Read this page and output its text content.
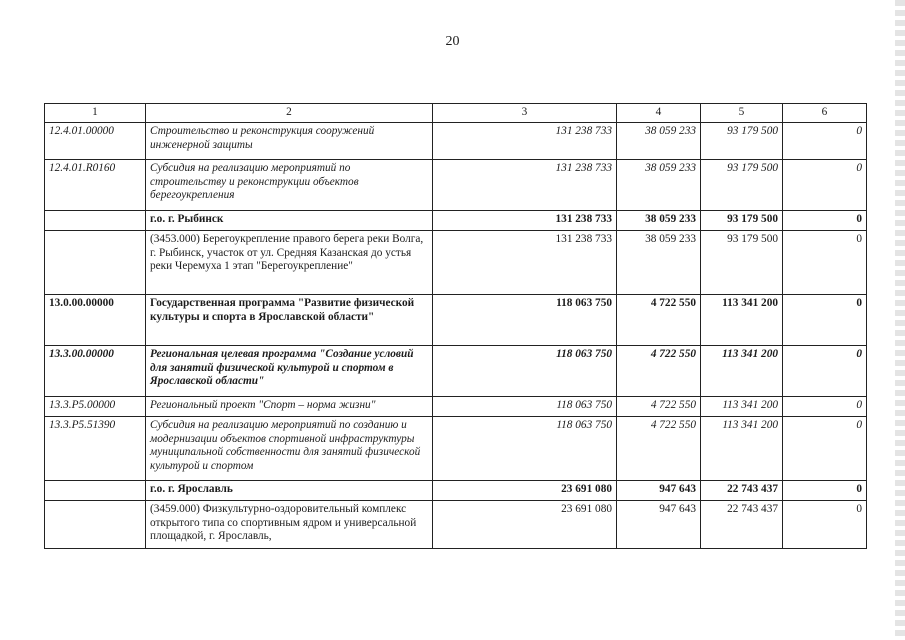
20
1	2	3	4	5	6
12.4.01.00000	Строительство и реконструкция сооружений инженерной защиты	131 238 733	38 059 233	93 179 500	0
12.4.01.R0160	Субсидия на реализацию мероприятий по строительству и реконструкции объектов берегоукрепления	131 238 733	38 059 233	93 179 500	0
	г.о. г. Рыбинск	131 238 733	38 059 233	93 179 500	0
	(3453.000) Берегоукрепление правого берега реки Волга, г. Рыбинск, участок от ул. Средняя Казанская до устья реки Черемуха 1 этап "Берегоукрепление"	131 238 733	38 059 233	93 179 500	0
13.0.00.00000	Государственная программа "Развитие физической культуры и спорта в Ярославской области"	118 063 750	4 722 550	113 341 200	0
13.3.00.00000	Региональная целевая программа "Создание условий для занятий физической культурой и спортом в Ярославской области"	118 063 750	4 722 550	113 341 200	0
13.3.P5.00000	Региональный проект "Спорт – норма жизни"	118 063 750	4 722 550	113 341 200	0
13.3.P5.51390	Субсидия на реализацию мероприятий по созданию и модернизации объектов спортивной инфраструктуры муниципальной собственности для занятий физической культурой и спортом	118 063 750	4 722 550	113 341 200	0
	г.о. г. Ярославль	23 691 080	947 643	22 743 437	0
	(3459.000) Физкультурно-оздоровительный комплекс открытого типа со спортивным ядром и универсальной площадкой, г. Ярославль,	23 691 080	947 643	22 743 437	0
